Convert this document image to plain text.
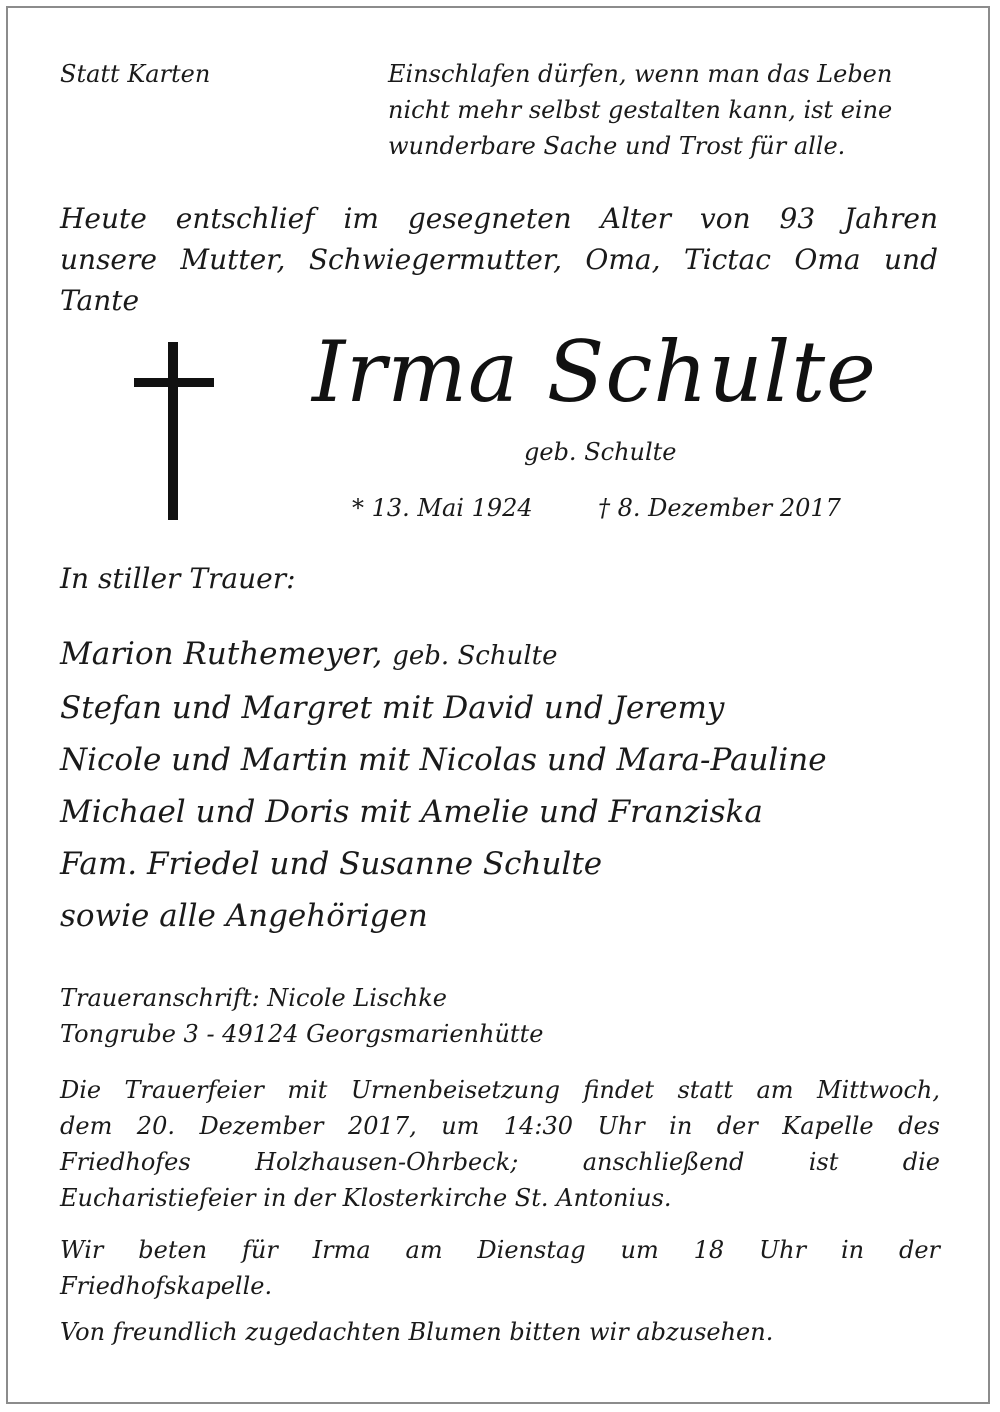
Statt Karten	Einschlafen dürfen, wenn man das Leben
nicht mehr selbst gestalten kann, ist eine
wunderbare Sache und Trost für alle.
Heute entschlief im gesegneten Alter von 93 Jahren
unsere Mutter, Schwiegermutter, Oma, Tictac Oma und
Tante
Irma Schulte
geb. Schulte
* 13. Mai 1924	† 8. Dezember 2017
In stiller Trauer:
Marion Ruthemeyer, geb. Schulte
Stefan und Margret mit David und Jeremy
Nicole und Martin mit Nicolas und Mara-Pauline
Michael und Doris mit Amelie und Franziska
Fam. Friedel und Susanne Schulte
sowie alle Angehörigen
Traueranschrift: Nicole Lischke
Tongrube 3 - 49124 Georgsmarienhütte
Die Trauerfeier mit Urnenbeisetzung findet statt am Mittwoch,
dem 20. Dezember 2017, um 14:30 Uhr in der Kapelle des
Friedhofes Holzhausen-Ohrbeck; anschließend ist die
Eucharistiefeier in der Klosterkirche St. Antonius.
Wir beten für Irma am Dienstag um 18 Uhr in der
Friedhofskapelle.
Von freundlich zugedachten Blumen bitten wir abzusehen.
